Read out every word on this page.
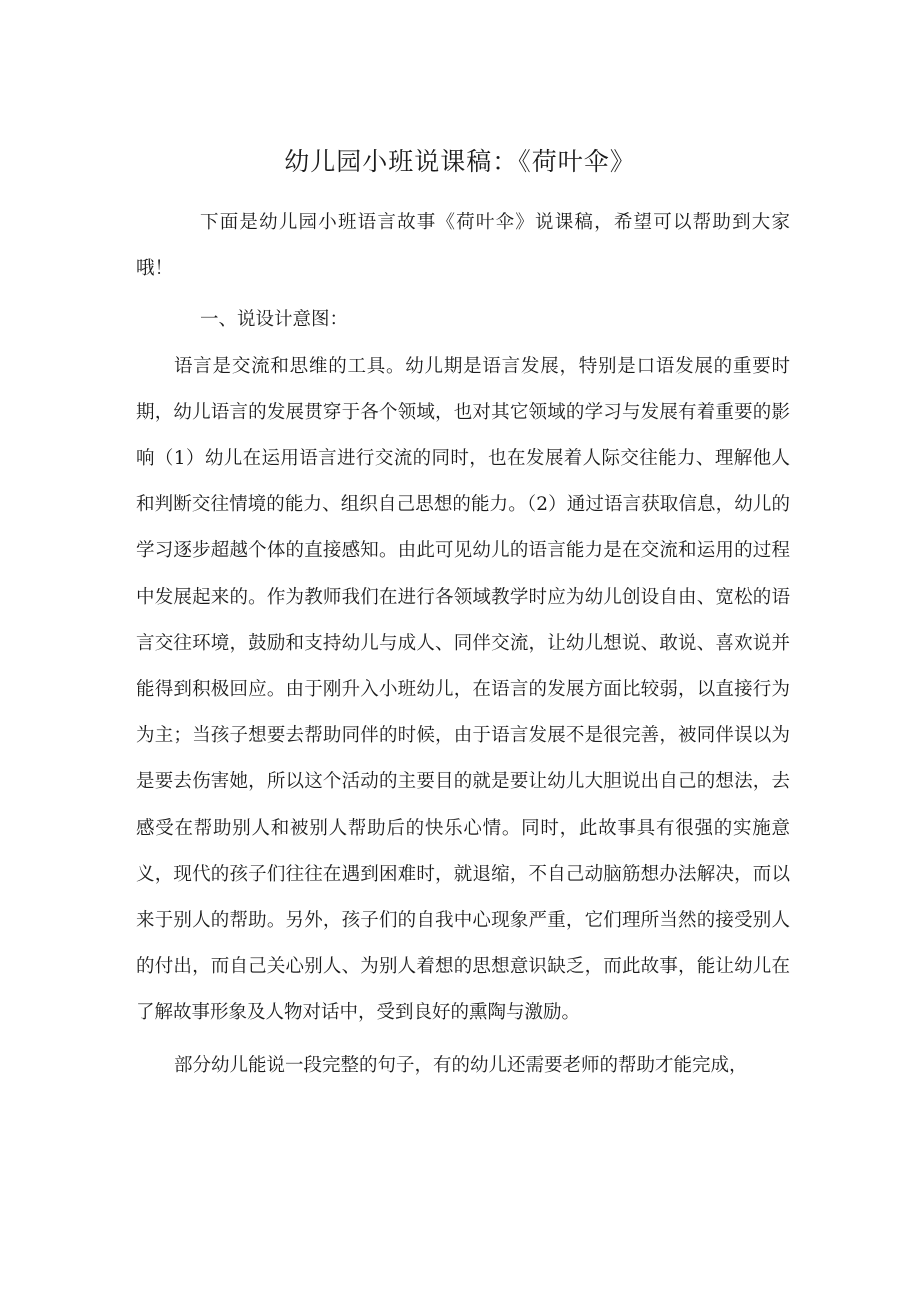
幼儿园小班说课稿：《荷叶伞》

下面是幼儿园小班语言故事《荷叶伞》说课稿，希望可以帮助到大家哦！

一、说设计意图：

语言是交流和思维的工具。幼儿期是语言发展，特别是口语发展的重要时期，幼儿语言的发展贯穿于各个领域，也对其它领域的学习与发展有着重要的影响（1）幼儿在运用语言进行交流的同时，也在发展着人际交往能力、理解他人和判断交往情境的能力、组织自己思想的能力。（2）通过语言获取信息，幼儿的学习逐步超越个体的直接感知。由此可见幼儿的语言能力是在交流和运用的过程中发展起来的。作为教师我们在进行各领域教学时应为幼儿创设自由、宽松的语言交往环境，鼓励和支持幼儿与成人、同伴交流，让幼儿想说、敢说、喜欢说并能得到积极回应。由于刚升入小班幼儿，在语言的发展方面比较弱，以直接行为为主；当孩子想要去帮助同伴的时候，由于语言发展不是很完善，被同伴误以为是要去伤害她，所以这个活动的主要目的就是要让幼儿大胆说出自己的想法，去感受在帮助别人和被别人帮助后的快乐心情。同时，此故事具有很强的实施意义，现代的孩子们往往在遇到困难时，就退缩，不自己动脑筋想办法解决，而以来于别人的帮助。另外，孩子们的自我中心现象严重，它们理所当然的接受别人的付出，而自己关心别人、为别人着想的思想意识缺乏，而此故事，能让幼儿在了解故事形象及人物对话中，受到良好的熏陶与激励。

部分幼儿能说一段完整的句子，有的幼儿还需要老师的帮助才能完成，
